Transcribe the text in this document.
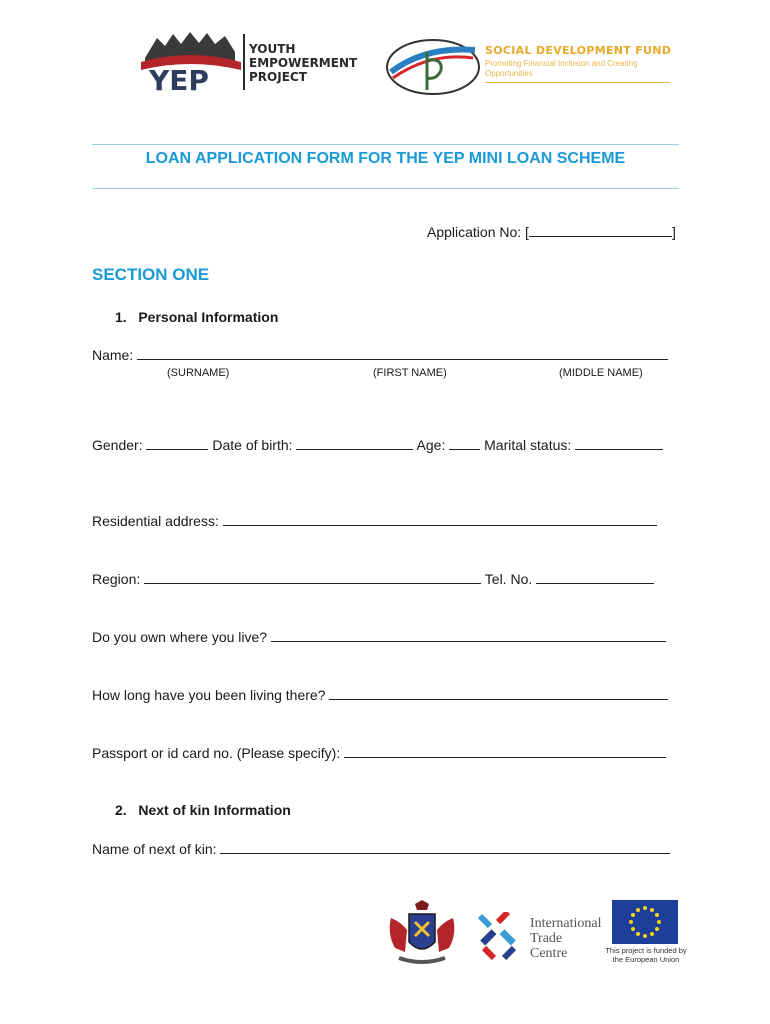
YEP
YOUTH
EMPOWERMENT
PROJECT
SOCIAL DEVELOPMENT FUND
Promoting Financial Inclusion and Creating Opportunities
LOAN APPLICATION FORM FOR THE YEP MINI LOAN SCHEME
Application No: [	]
SECTION ONE
1.   Personal Information
Name:
(SURNAME)	(FIRST NAME)	(MIDDLE NAME)
Gender:	Date of birth:	Age:	Marital status:
Residential address:
Region:	Tel. No.
Do you own where you live?
How long have you been living there?
Passport or id card no. (Please specify):
2.   Next of kin Information
Name of next of kin:
International
Trade
Centre	This project is funded by
the European Union
